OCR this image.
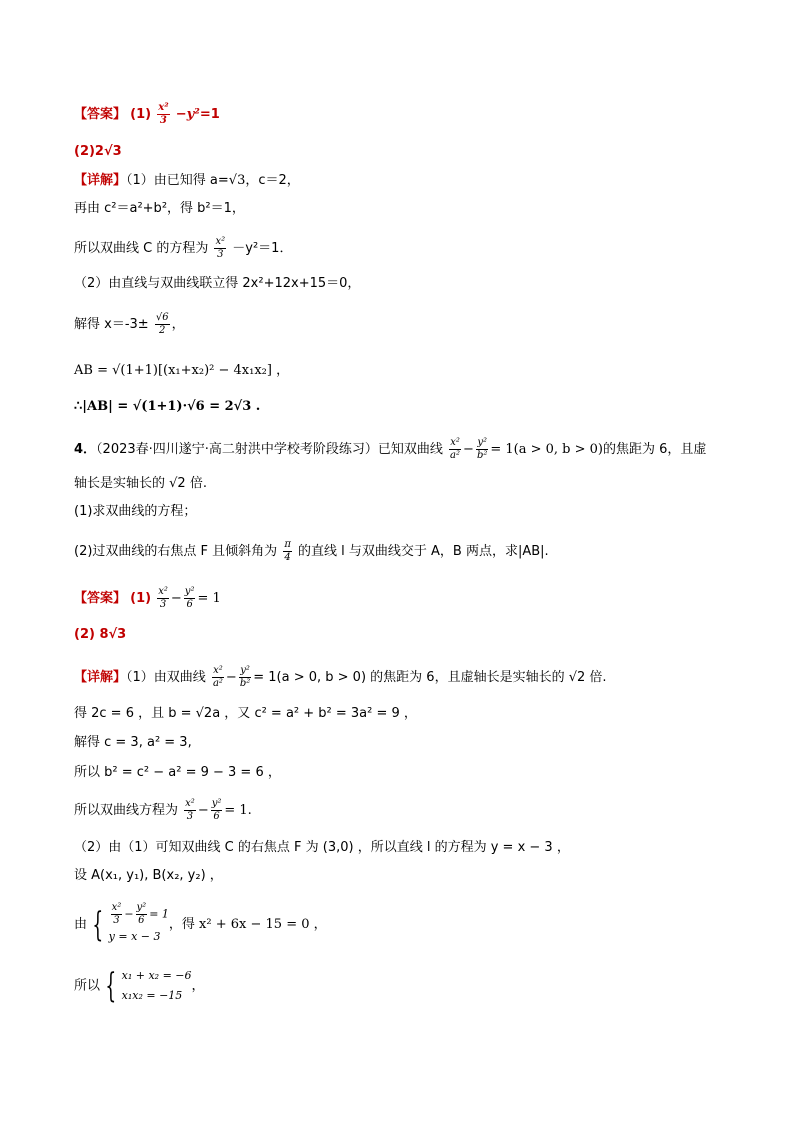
【答案】 $(1) \frac{\text{x²}}{3} -y^2=1$
(2)2√3
【详解】（1）由已知得 a=√3，c＝2，
再由 c²＝a²+b²，得 b²＝1，
所以双曲线 C 的方程为 $\frac{\text{x²}}{3} -y^2=1$．
（2）由直线与双曲线联立得 2x²+12x+15＝0，
解得 $x=-3\pm \frac{√6}{2}$ ，
AB = √(1+1)[(x₁+x₂)² − 4x₁x₂] ，
∴|AB| = √(1+1)·√6 = 2√3 .
4．（2023春·四川遂宁·高二射洪中学校考阶段练习）已知双曲线 $\frac{\text{x²}}{\text{a²}} - \frac{\text{y²}}{\text{b²}} = 1(a > 0$, b > 0)的焦距为 6，且虚
轴长是实轴长的 √2 倍.
(1)求双曲线的方程；
(2)过双曲线的右焦点 F 且倾斜角为 $\frac{\pi}{4}$ 的直线 l 与双曲线交于 A，B 两点，求|AB|.
【答案】 $(1) \frac{\text{x²}}{3} - \frac{\text{y²}}{6} = 1$
(2) 8√3
【详解】（1）由双曲线 $\frac{\text{x²}}{\text{a²}} - \frac{\text{y²}}{\text{b²}} = 1(a > 0$, b > 0) 的焦距为 6，且虚轴长是实轴长的 √2 倍.
得 2c = 6 ，且 b = √2a ，又 c² = a² + b² = 3a² = 9 ，
解得 c = 3, a² = 3,
所以 b² = c² − a² = 9 − 3 = 6 ，
所以双曲线方程为 $\frac{\text{x²}}{3} - \frac{\text{y²}}{6} = 1$.
（2）由（1）可知双曲线 C 的右焦点 F 为 (3,0) ，所以直线 l 的方程为 y = x − 3 ，
设 A(x₁, y₁), B(x₂, y₂) ，
由 { $\frac{\text{x²}}{3} - \frac{\text{y²}}{6} = 1$
y = x − 3
，得 x² + 6x − 15 = 0 ，
所以 { x₁ + x₂ = −6
x₁x₂ = −15
，
